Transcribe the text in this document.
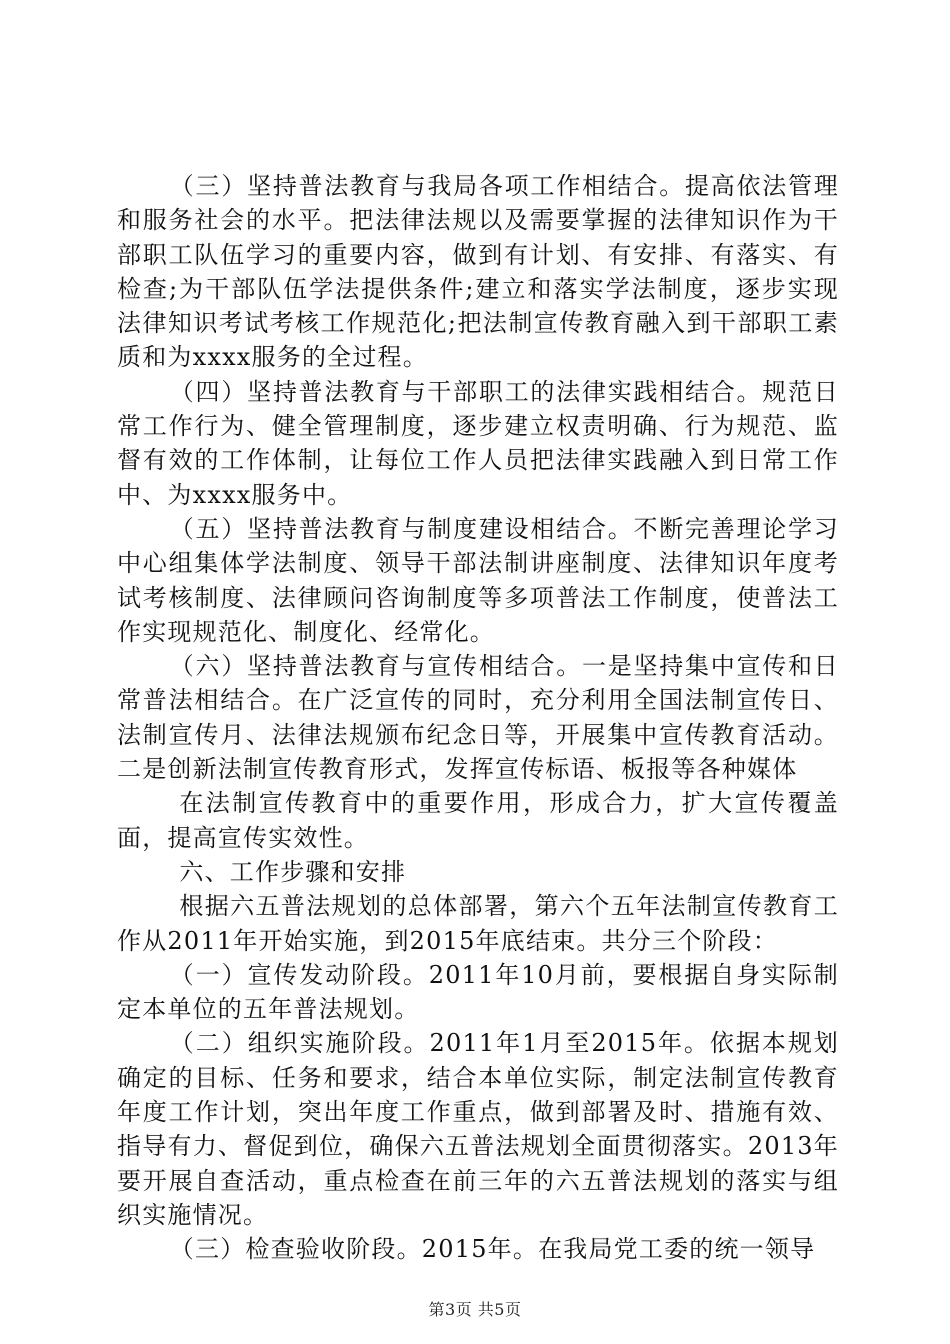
（三）坚持普法教育与我局各项工作相结合。提高依法管理和服务社会的水平。把法律法规以及需要掌握的法律知识作为干部职工队伍学习的重要内容，做到有计划、有安排、有落实、有检查;为干部队伍学法提供条件;建立和落实学法制度，逐步实现法律知识考试考核工作规范化;把法制宣传教育融入到干部职工素质和为xxxx服务的全过程。

（四）坚持普法教育与干部职工的法律实践相结合。规范日常工作行为、健全管理制度，逐步建立权责明确、行为规范、监督有效的工作体制，让每位工作人员把法律实践融入到日常工作中、为xxxx服务中。

（五）坚持普法教育与制度建设相结合。不断完善理论学习中心组集体学法制度、领导干部法制讲座制度、法律知识年度考试考核制度、法律顾问咨询制度等多项普法工作制度，使普法工作实现规范化、制度化、经常化。

（六）坚持普法教育与宣传相结合。一是坚持集中宣传和日常普法相结合。在广泛宣传的同时，充分利用全国法制宣传日、法制宣传月、法律法规颁布纪念日等，开展集中宣传教育活动。二是创新法制宣传教育形式，发挥宣传标语、板报等各种媒体

在法制宣传教育中的重要作用，形成合力，扩大宣传覆盖面，提高宣传实效性。

六、工作步骤和安排

根据六五普法规划的总体部署，第六个五年法制宣传教育工作从2011年开始实施，到2015年底结束。共分三个阶段：

（一）宣传发动阶段。2011年10月前，要根据自身实际制定本单位的五年普法规划。

（二）组织实施阶段。2011年1月至2015年。依据本规划确定的目标、任务和要求，结合本单位实际，制定法制宣传教育年度工作计划，突出年度工作重点，做到部署及时、措施有效、指导有力、督促到位，确保六五普法规划全面贯彻落实。2013年要开展自查活动，重点检查在前三年的六五普法规划的落实与组织实施情况。

（三）检查验收阶段。2015年。在我局党工委的统一领导

第3页 共5页
